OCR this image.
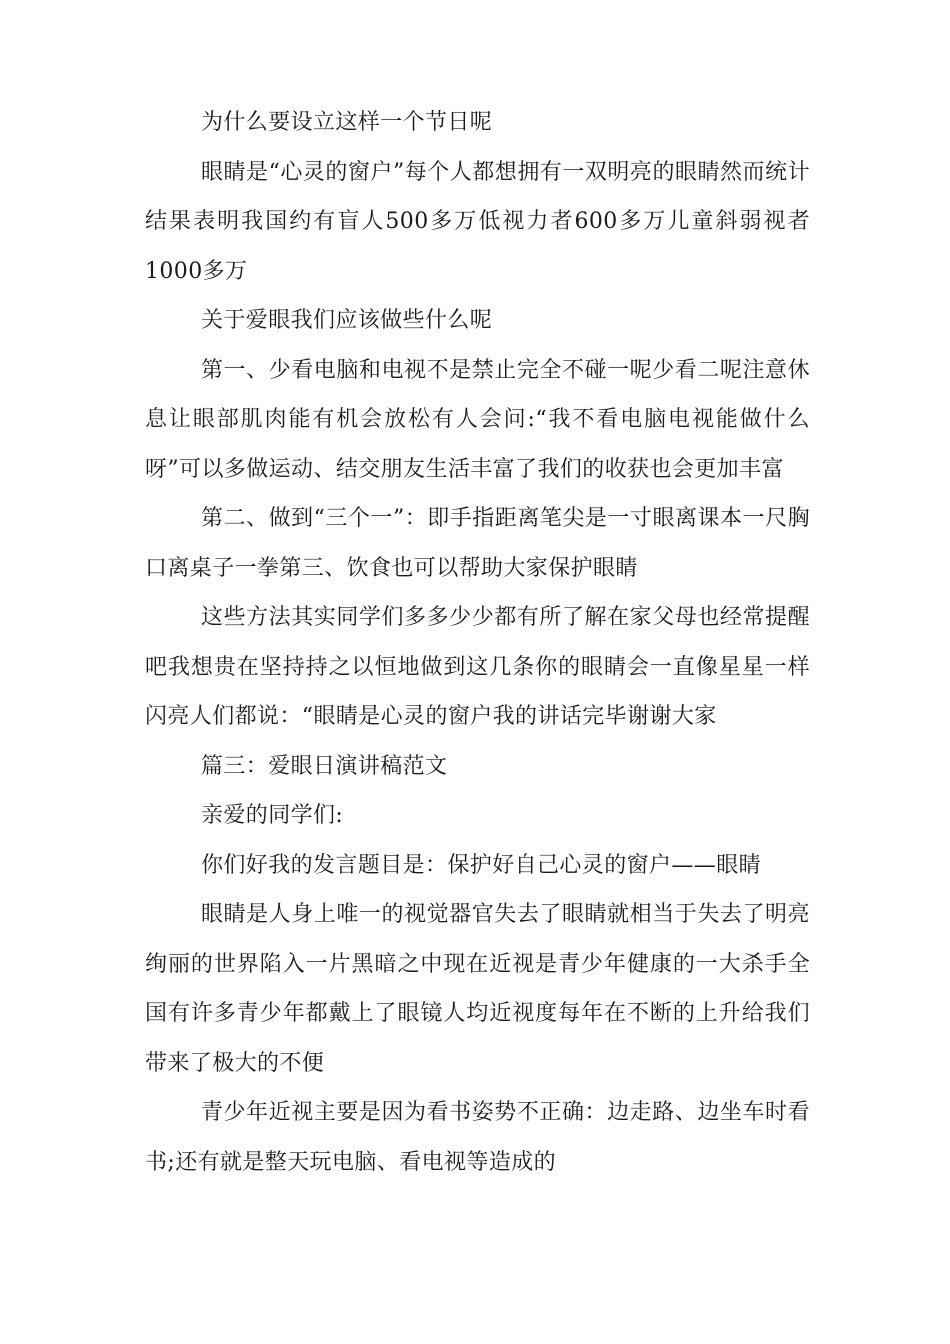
为什么要设立这样一个节日呢

眼睛是“心灵的窗户”每个人都想拥有一双明亮的眼睛然而统计结果表明我国约有盲人500多万低视力者600多万儿童斜弱视者1000多万

关于爱眼我们应该做些什么呢

第一、少看电脑和电视不是禁止完全不碰一呢少看二呢注意休息让眼部肌肉能有机会放松有人会问:“我不看电脑电视能做什么呀”可以多做运动、结交朋友生活丰富了我们的收获也会更加丰富

第二、做到“三个一”：即手指距离笔尖是一寸眼离课本一尺胸口离桌子一拳第三、饮食也可以帮助大家保护眼睛

这些方法其实同学们多多少少都有所了解在家父母也经常提醒吧我想贵在坚持持之以恒地做到这几条你的眼睛会一直像星星一样闪亮人们都说：“眼睛是心灵的窗户我的讲话完毕谢谢大家

篇三：爱眼日演讲稿范文

亲爱的同学们:

你们好我的发言题目是：保护好自己心灵的窗户——眼睛

眼睛是人身上唯一的视觉器官失去了眼睛就相当于失去了明亮绚丽的世界陷入一片黑暗之中现在近视是青少年健康的一大杀手全国有许多青少年都戴上了眼镜人均近视度每年在不断的上升给我们带来了极大的不便

青少年近视主要是因为看书姿势不正确：边走路、边坐车时看书;还有就是整天玩电脑、看电视等造成的
